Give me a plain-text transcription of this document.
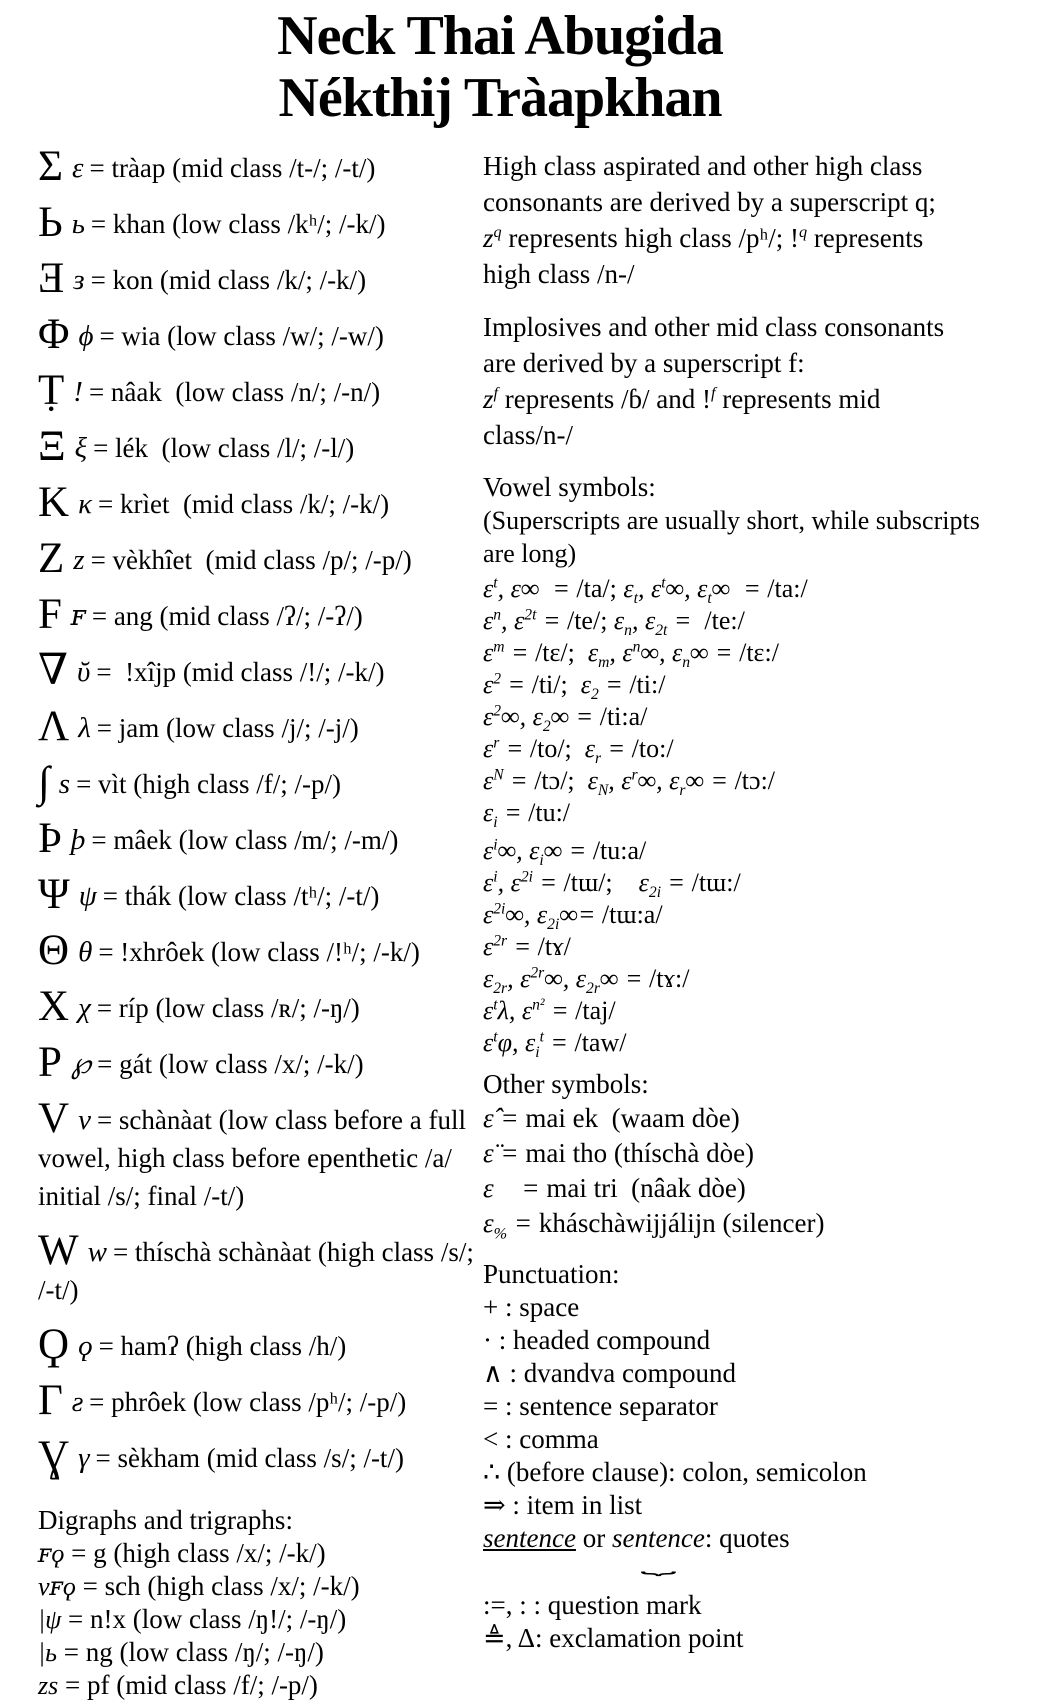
Neck Thai Abugida
Nékthij Tràapkhan
Σ ε = tràap (mid class /t-/; /-t/)
Ь ь = khan (low class /kʰ/; /-k/)
Ǝ ɜ = kon (mid class /k/; /-k/)
Φ ϕ = wia (low class /w/; /-w/)
Ṭ ! = nâak  (low class /n/; /-n/)
Ξ ξ = lék  (low class /l/; /-l/)
K κ = krìet  (mid class /k/; /-k/)
Z z = vèkhîet  (mid class /p/; /-p/)
F ꜰ = ang (mid class /ʔ/; /-ʔ/)
∇ ῠ =  !xîjp (mid class /!/; /-k/)
Λ λ = jam (low class /j/; /-j/)
∫ s = vìt (high class /f/; /-p/)
Þ þ = mâek (low class /m/; /-m/)
Ψ ψ = thák (low class /tʰ/; /-t/)
Θ θ = !xhrôek (low class /!ʰ/; /-k/)
X χ = ríp (low class /ʀ/; /-ŋ/)
P ℘ = gát (low class /x/; /-k/)
V v = schànàat (low class before a full vowel, high class before epenthetic /a/ initial /s/; final /-t/)
W w = thíschà schànàat (high class /s/; /-t/)
Ϙ ϙ = hamʔ (high class /h/)
Γ ƨ = phrôek (low class /pʰ/; /-p/)
Ɣ γ = sèkham (mid class /s/; /-t/)
Digraphs and trigraphs:
ꜰϙ = g (high class /x/; /-k/)
vꜰϙ = sch (high class /x/; /-k/)
|ψ = n!x (low class /ŋ!/; /-ŋ/)
|ь = ng (low class /ŋ/; /-ŋ/)
zs = pf (mid class /f/; /-p/)
High class aspirated and other high class
consonants are derived by a superscript q;
$z^q$ represents high class /pʰ/; !$^q$ represents
high class /n-/
Implosives and other mid class consonants
are derived by a superscript f:
$z^f$ represents /ɓ/ and !$^f$ represents mid
class/n-/
Vowel symbols:
(Superscripts are usually short, while subscripts are long)
$\varepsilon^t$, ε∞  = /ta/; $\varepsilon_t$, $\varepsilon^t\infty$, $\varepsilon_t\infty$  = /ta:/
$\varepsilon^n$, $\varepsilon^{2t} = /te/$; $\varepsilon_n$, $\varepsilon_{2t}$ =  /te:/
$\varepsilon^m$ = /tɛ/;  $\varepsilon_m$, $\varepsilon^n\infty$, $\varepsilon_n\infty$ = /tɛ:/
$\varepsilon^2 = /ti/$;  $\varepsilon_2$ = /ti:/
$\varepsilon^2\infty$, $\varepsilon_2\infty$ = /ti:a/
$\varepsilon^r = /to/$;  $\varepsilon_r$ = /to:/
$\varepsilon^N$ = /tɔ/;  $\varepsilon_N$, $\varepsilon^r\infty$, $\varepsilon_r\infty$ = /tɔ:/
$\varepsilon_i$ = /tu:/
$\varepsilon^i\infty$, $\varepsilon_i\infty$ = /tu:a/
$\varepsilon^i$, $\varepsilon^{2i}$ = /tɯ/;    $\varepsilon_{2i}$ = /tɯ:/
$\varepsilon^{2i}\infty$, $\varepsilon_{2i}\infty=$ /tɯ:a/
$\varepsilon^{2r}$ = /tɤ/
$\varepsilon_{2r}$, $\varepsilon^{2r}\infty$, $\varepsilon_{2r}\infty$ = /tɤ:/
$\varepsilon^t\lambda$, $\varepsilon^{n^2} = /taj/$
$\varepsilon^t\varphi$, $\varepsilon_i^t = /taw/$
Other symbols:
ε̂ = mai ek  (waam dòe)
ε̈ = mai tho (thíschà dòe)
ε⃗ = mai tri  (nâak dòe)
$\varepsilon_{\%}$ = kháschàwijjálijn (silencer)
Punctuation:
+ : space
· : headed compound
∧ : dvandva compound
= : sentence separator
< : comma
∴ (before clause): colon, semicolon
⇒ : item in list
sentence or sentence
⏟
: quotes
:=, : : question mark
≜, Δ: exclamation point
